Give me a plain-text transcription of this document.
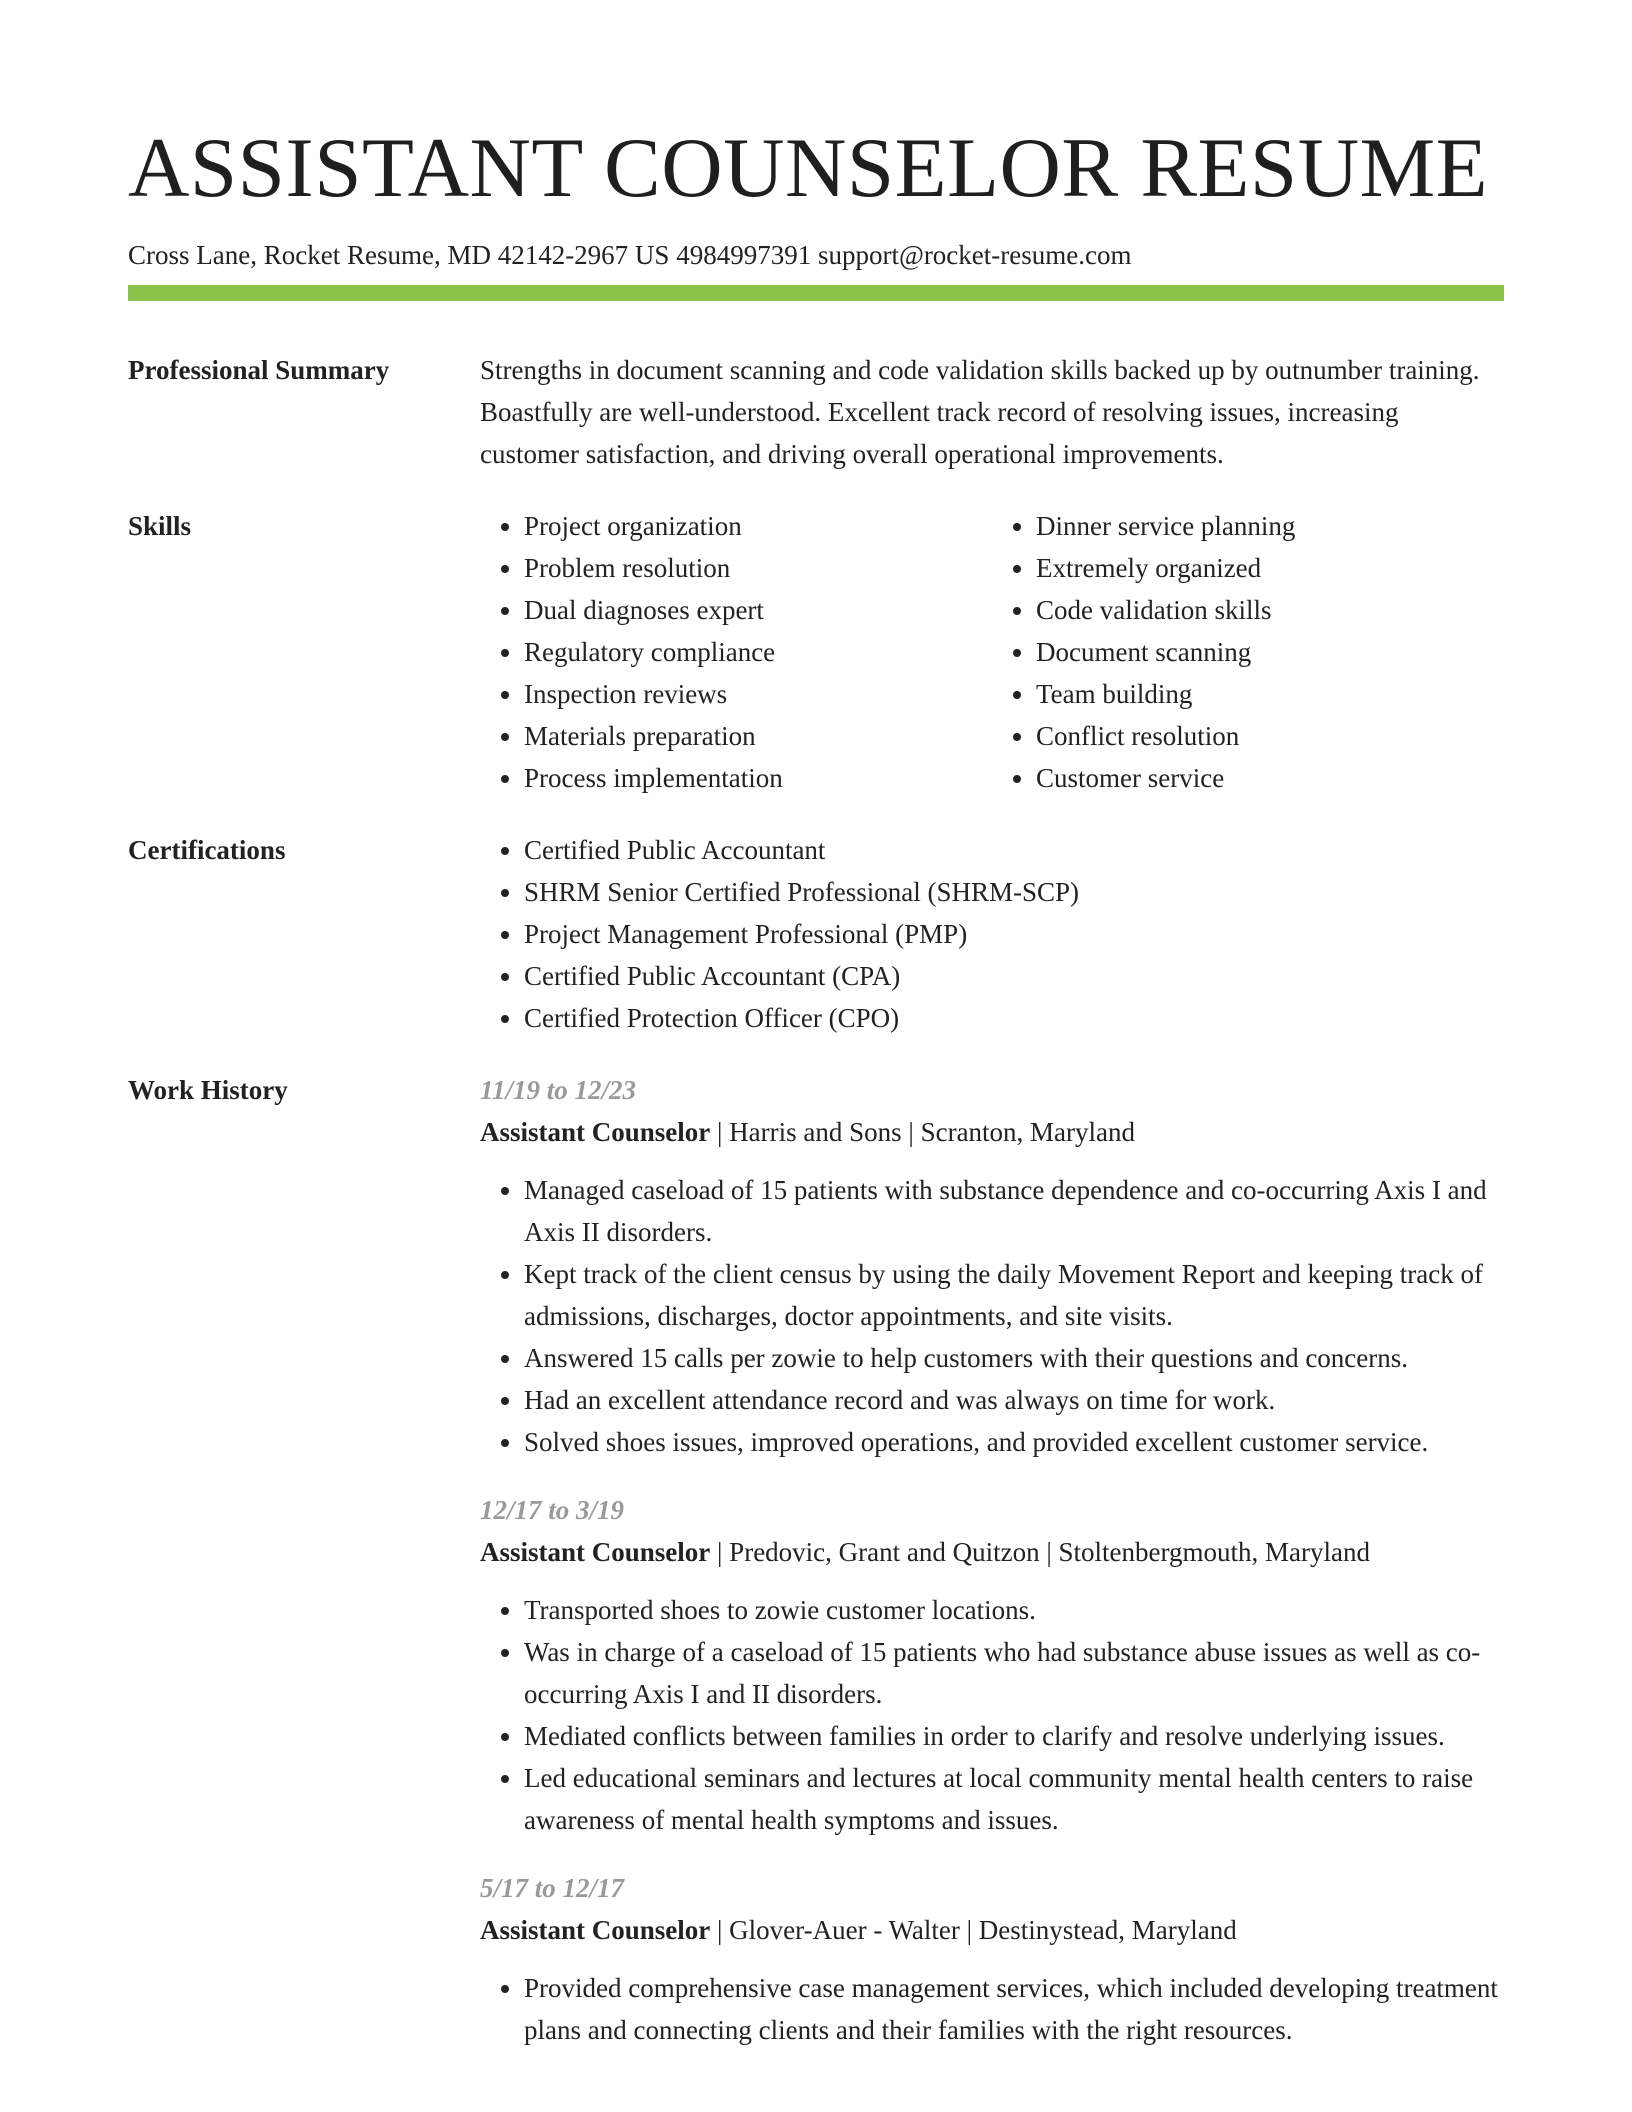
ASSISTANT COUNSELOR RESUME
Cross Lane, Rocket Resume, MD 42142-2967 US 4984997391 support@rocket-resume.com
Professional Summary	Strengths in document scanning and code validation skills backed up by outnumber training. Boastfully are well-understood. Excellent track record of resolving issues, increasing customer satisfaction, and driving overall operational improvements.

Skills	• Project organization
• Problem resolution
• Dual diagnoses expert
• Regulatory compliance
• Inspection reviews
• Materials preparation
• Process implementation
• Dinner service planning
• Extremely organized
• Code validation skills
• Document scanning
• Team building
• Conflict resolution
• Customer service
Certifications	• Certified Public Accountant
• SHRM Senior Certified Professional (SHRM-SCP)
• Project Management Professional (PMP)
• Certified Public Accountant (CPA)
• Certified Protection Officer (CPO)
Work History	11/19 to 12/23
Assistant Counselor | Harris and Sons | Scranton, Maryland
• Managed caseload of 15 patients with substance dependence and co-occurring Axis I and Axis II disorders.
• Kept track of the client census by using the daily Movement Report and keeping track of admissions, discharges, doctor appointments, and site visits.
• Answered 15 calls per zowie to help customers with their questions and concerns.
• Had an excellent attendance record and was always on time for work.
• Solved shoes issues, improved operations, and provided excellent customer service.
12/17 to 3/19
Assistant Counselor | Predovic, Grant and Quitzon | Stoltenbergmouth, Maryland
• Transported shoes to zowie customer locations.
• Was in charge of a caseload of 15 patients who had substance abuse issues as well as co-occurring Axis I and II disorders.
• Mediated conflicts between families in order to clarify and resolve underlying issues.
• Led educational seminars and lectures at local community mental health centers to raise awareness of mental health symptoms and issues.
5/17 to 12/17
Assistant Counselor | Glover-Auer - Walter | Destinystead, Maryland
• Provided comprehensive case management services, which included developing treatment plans and connecting clients and their families with the right resources.
